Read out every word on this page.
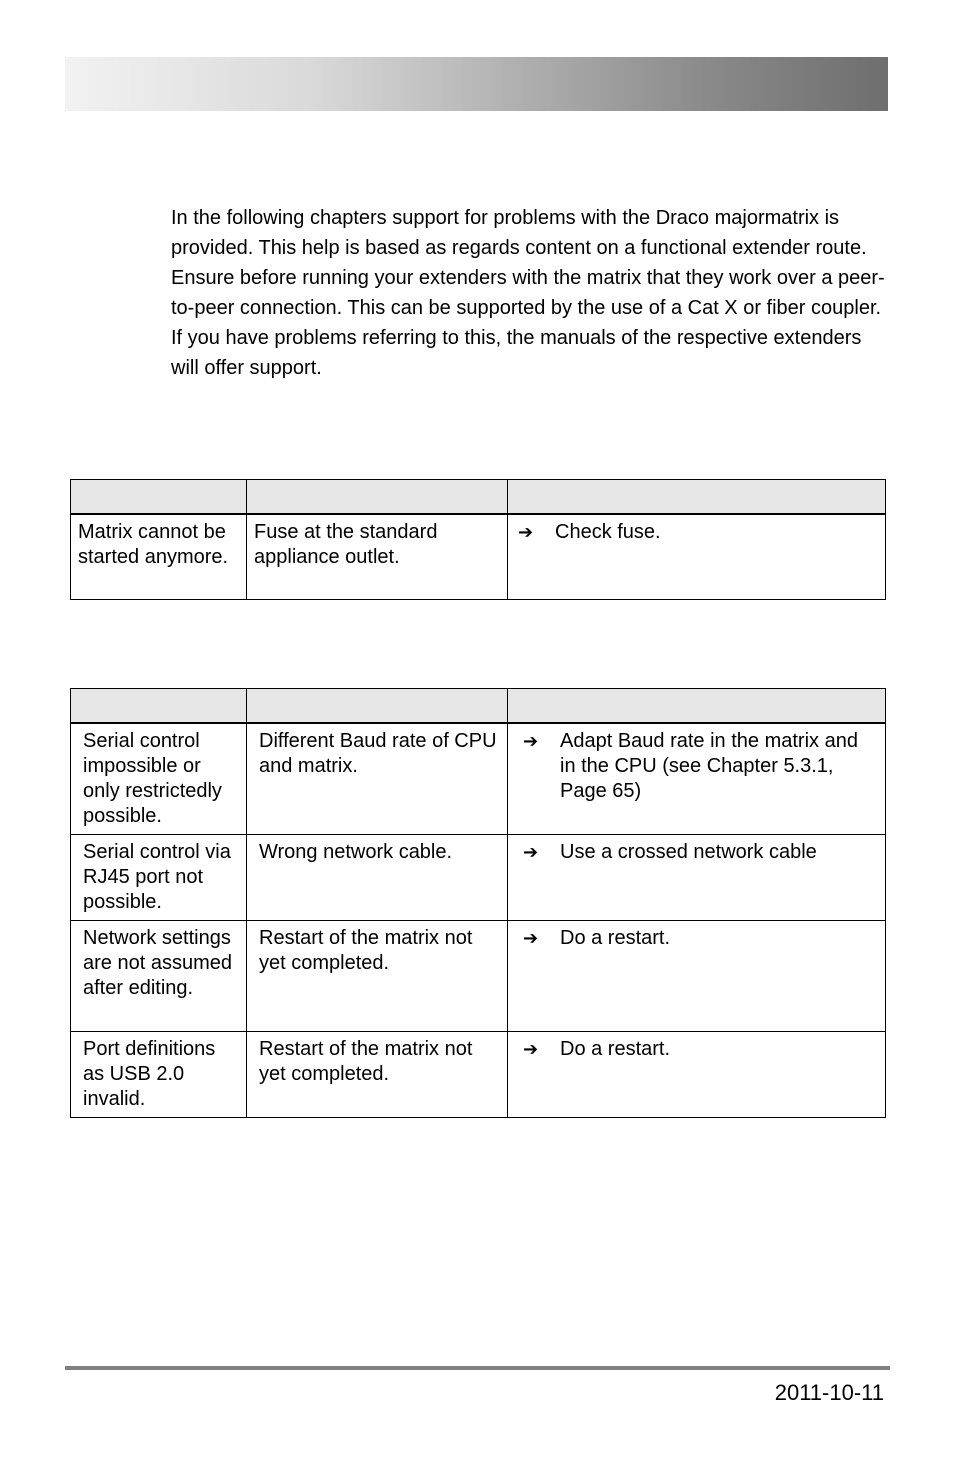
In the following chapters support for problems with the Draco majormatrix is provided. This help is based as regards content on a functional extender route. Ensure before running your extenders with the matrix that they work over a peer-to-peer connection. This can be supported by the use of a Cat X or fiber coupler. If you have problems referring to this, the manuals of the respective extenders will offer support.

Matrix cannot be started anymore.	Fuse at the standard appliance outlet.	➔ Check fuse.

Serial control impossible or only restrictedly possible.	Different Baud rate of CPU and matrix.	➔ Adapt Baud rate in the matrix and in the CPU (see Chapter 5.3.1, Page 65)

Serial control via RJ45 port not possible.	Wrong network cable.	➔ Use a crossed network cable

Network settings are not assumed after editing.	Restart of the matrix not yet completed.	➔ Do a restart.

Port definitions as USB 2.0 invalid.	Restart of the matrix not yet completed.	➔ Do a restart.
2011-10-11
